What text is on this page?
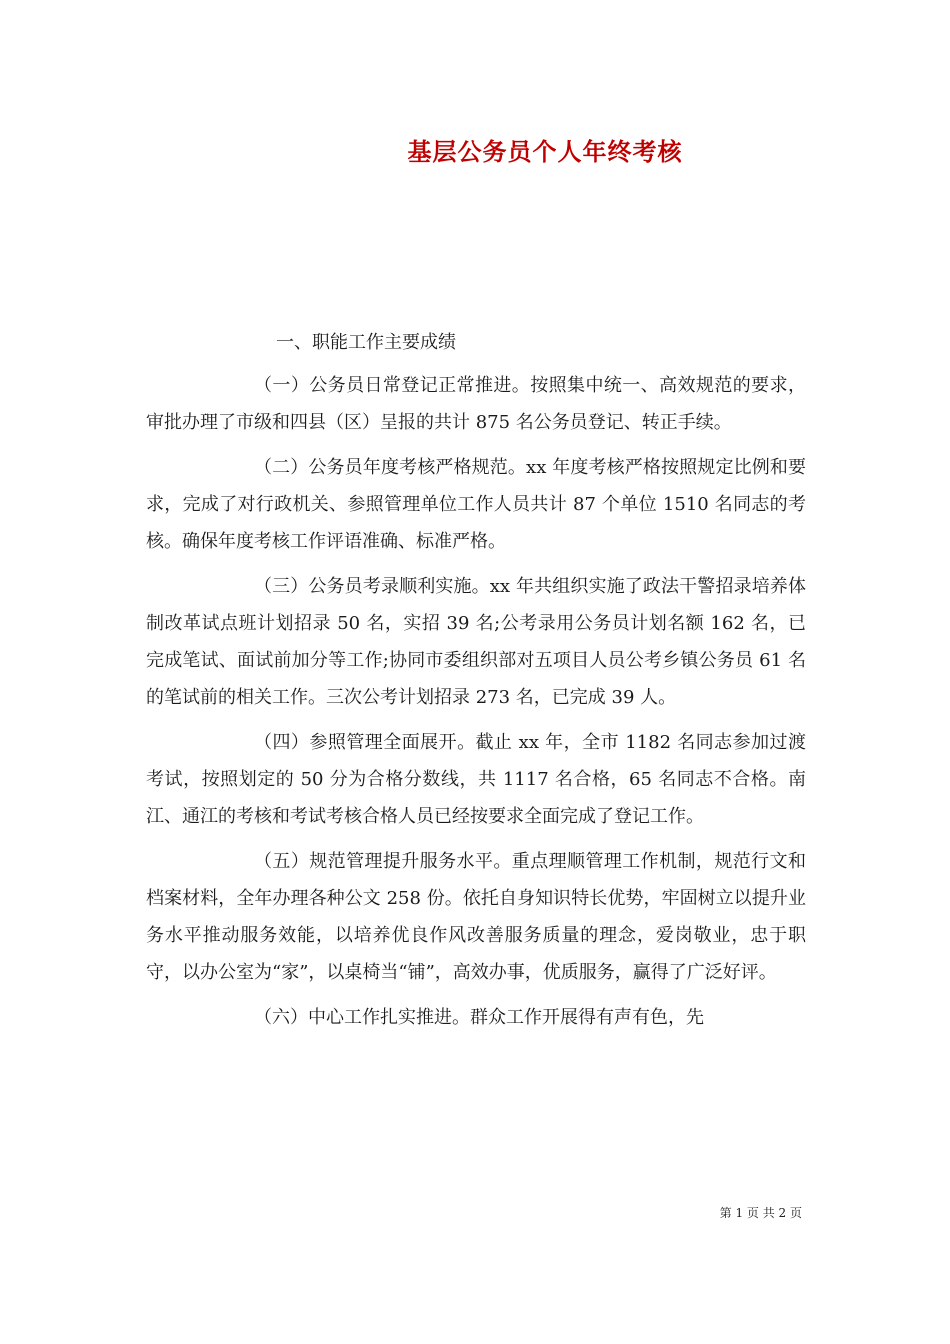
基层公务员个人年终考核

一、职能工作主要成绩

（一）公务员日常登记正常推进。按照集中统一、高效规范的要求，审批办理了市级和四县（区）呈报的共计 875 名公务员登记、转正手续。

（二）公务员年度考核严格规范。xx 年度考核严格按照规定比例和要求，完成了对行政机关、参照管理单位工作人员共计 87 个单位 1510 名同志的考核。确保年度考核工作评语准确、标准严格。

（三）公务员考录顺利实施。xx 年共组织实施了政法干警招录培养体制改革试点班计划招录 50 名，实招 39 名;公考录用公务员计划名额 162 名，已完成笔试、面试前加分等工作;协同市委组织部对五项目人员公考乡镇公务员 61 名的笔试前的相关工作。三次公考计划招录 273 名，已完成 39 人。

（四）参照管理全面展开。截止 xx 年，全市 1182 名同志参加过渡考试，按照划定的 50 分为合格分数线，共 1117 名合格，65 名同志不合格。南江、通江的考核和考试考核合格人员已经按要求全面完成了登记工作。

（五）规范管理提升服务水平。重点理顺管理工作机制，规范行文和档案材料，全年办理各种公文 258 份。依托自身知识特长优势，牢固树立以提升业务水平推动服务效能，以培养优良作风改善服务质量的理念，爱岗敬业，忠于职守，以办公室为“家”，以桌椅当“铺”，高效办事，优质服务，赢得了广泛好评。

（六）中心工作扎实推进。群众工作开展得有声有色，先

第 1 页 共 2 页
